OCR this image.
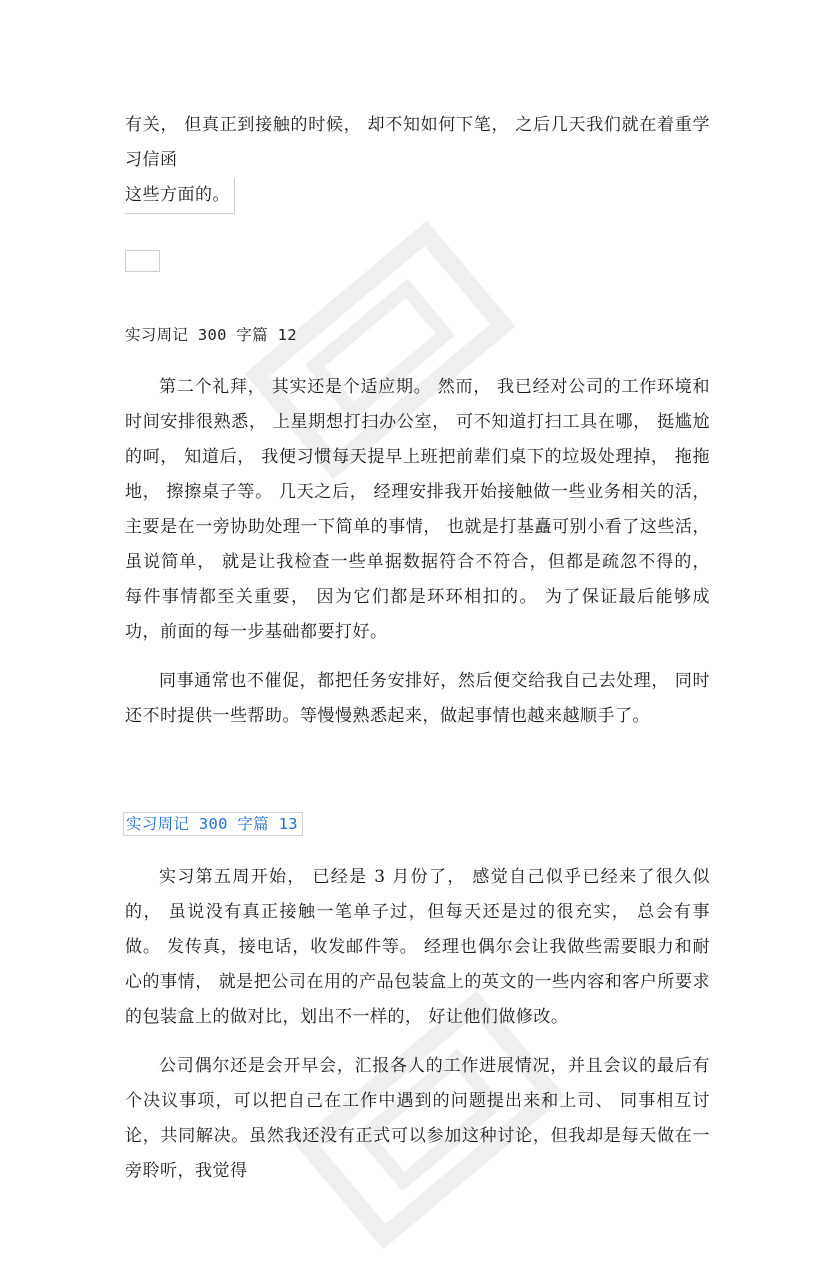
有关， 但真正到接触的时候， 却不知如何下笔， 之后几天我们就在着重学习信函
这些方面的。

实习周记 300 字篇 12

第二个礼拜， 其实还是个适应期。 然而， 我已经对公司的工作环境和时间安排很熟悉， 上星期想打扫办公室， 可不知道打扫工具在哪， 挺尴尬的呵， 知道后， 我便习惯每天提早上班把前辈们桌下的垃圾处理掉， 拖拖地， 擦擦桌子等。 几天之后， 经理安排我开始接触做一些业务相关的活， 主要是在一旁协助处理一下简单的事情， 也就是打基矗可别小看了这些活， 虽说简单， 就是让我检查一些单据数据符合不符合，但都是疏忽不得的， 每件事情都至关重要， 因为它们都是环环相扣的。 为了保证最后能够成功，前面的每一步基础都要打好。

同事通常也不催促，都把任务安排好，然后便交给我自己去处理， 同时还不时提供一些帮助。等慢慢熟悉起来，做起事情也越来越顺手了。

实习周记 300 字篇 13

实习第五周开始， 已经是 3 月份了， 感觉自己似乎已经来了很久似的， 虽说没有真正接触一笔单子过，但每天还是过的很充实， 总会有事做。 发传真，接电话，收发邮件等。 经理也偶尔会让我做些需要眼力和耐心的事情， 就是把公司在用的产品包装盒上的英文的一些内容和客户所要求的包装盒上的做对比，划出不一样的， 好让他们做修改。

公司偶尔还是会开早会，汇报各人的工作进展情况，并且会议的最后有个决议事项，可以把自己在工作中遇到的问题提出来和上司、 同事相互讨论，共同解决。虽然我还没有正式可以参加这种讨论，但我却是每天做在一旁聆听，我觉得
